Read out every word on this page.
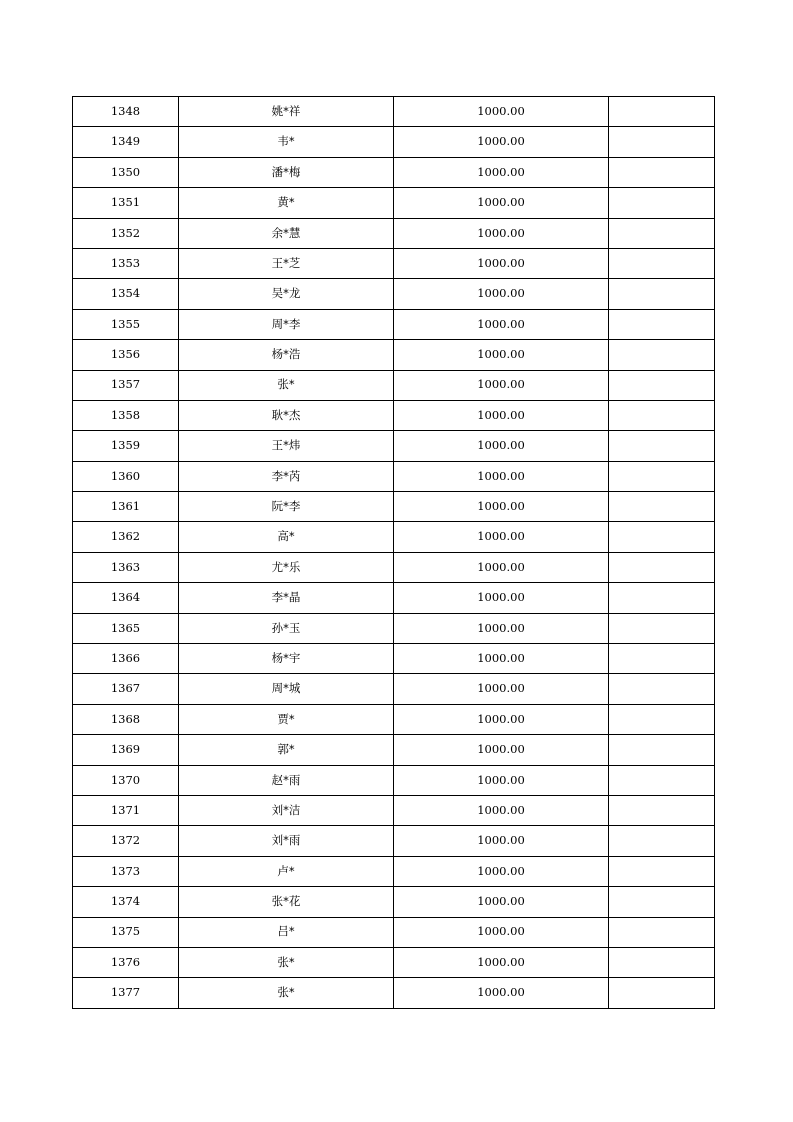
1348	姚*祥	1000.00	
1349	韦*	1000.00	
1350	潘*梅	1000.00	
1351	黄*	1000.00	
1352	余*慧	1000.00	
1353	王*芝	1000.00	
1354	吴*龙	1000.00	
1355	周*李	1000.00	
1356	杨*浩	1000.00	
1357	张*	1000.00	
1358	耿*杰	1000.00	
1359	王*炜	1000.00	
1360	李*芮	1000.00	
1361	阮*李	1000.00	
1362	高*	1000.00	
1363	尤*乐	1000.00	
1364	李*晶	1000.00	
1365	孙*玉	1000.00	
1366	杨*宇	1000.00	
1367	周*城	1000.00	
1368	贾*	1000.00	
1369	郭*	1000.00	
1370	赵*雨	1000.00	
1371	刘*洁	1000.00	
1372	刘*雨	1000.00	
1373	卢*	1000.00	
1374	张*花	1000.00	
1375	吕*	1000.00	
1376	张*	1000.00	
1377	张*	1000.00	
